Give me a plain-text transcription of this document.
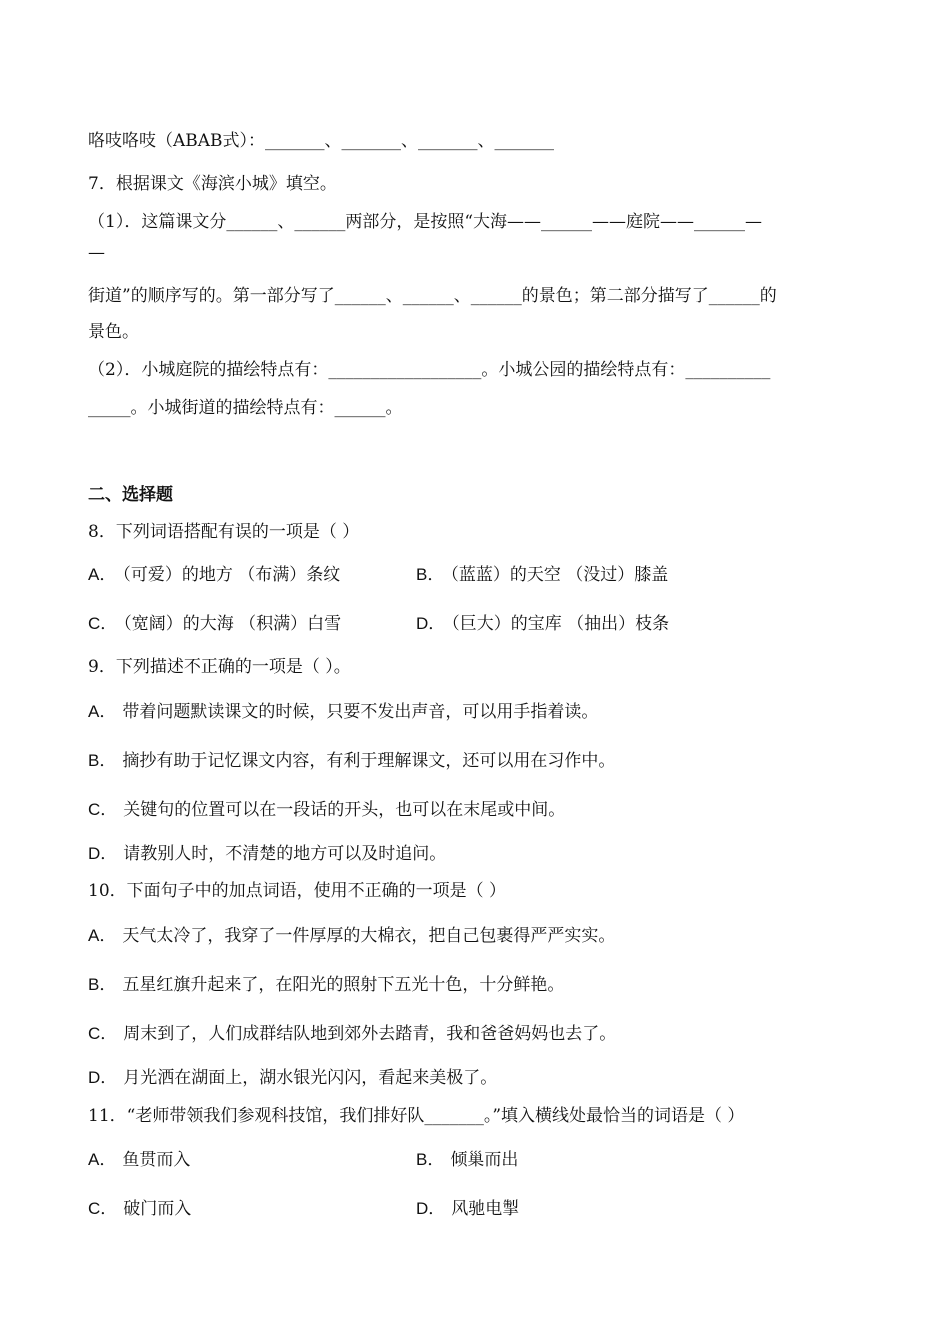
咯吱咯吱（ABAB式）：_______、_______、_______、_______
7．根据课文《海滨小城》填空。
（1）．这篇课文分______、______两部分，是按照“大海——______——庭院——______—
—
街道”的顺序写的。第一部分写了______、______、______的景色；第二部分描写了______的
景色。
（2）．小城庭院的描绘特点有：__________________。小城公园的描绘特点有：__________
_____。小城街道的描绘特点有：______。
二、选择题
8．下列词语搭配有误的一项是（ ）
A． （可爱）的地方 （布满）条纹	B． （蓝蓝）的天空 （没过）膝盖
C． （宽阔）的大海 （积满）白雪	D． （巨大）的宝库 （抽出）枝条
9．下列描述不正确的一项是（ ）。
A． 带着问题默读课文的时候，只要不发出声音，可以用手指着读。
B． 摘抄有助于记忆课文内容，有利于理解课文，还可以用在习作中。
C． 关键句的位置可以在一段话的开头，也可以在末尾或中间。
D． 请教别人时，不清楚的地方可以及时追问。
10．下面句子中的加点词语，使用不正确的一项是（ ）
A． 天气太冷了，我穿了一件厚厚的大棉衣，把自己包裹得严严实实。
B． 五星红旗升起来了，在阳光的照射下五光十色，十分鲜艳。
C． 周末到了，人们成群结队地到郊外去踏青，我和爸爸妈妈也去了。
D． 月光洒在湖面上，湖水银光闪闪，看起来美极了。
11．“老师带领我们参观科技馆，我们排好队_______。”填入横线处最恰当的词语是（ ）
A． 鱼贯而入	B． 倾巢而出
C． 破门而入	D． 风驰电掣
